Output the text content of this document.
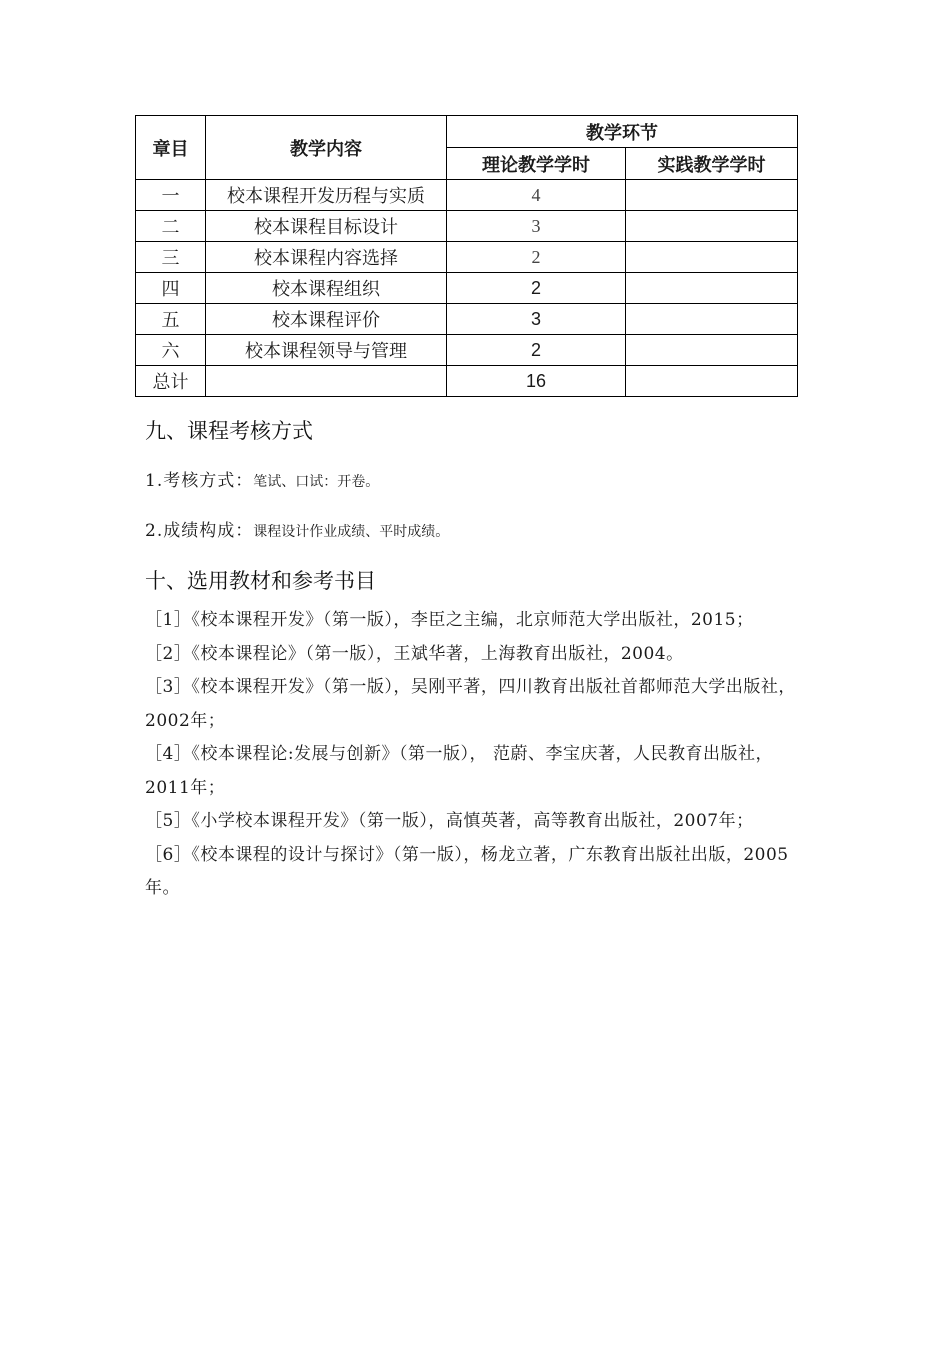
章目	教学内容	教学环节	
		理论教学学时	实践教学学时
一	校本课程开发历程与实质	4	
二	校本课程目标设计	3	
三	校本课程内容选择	2	
四	校本课程组织	2	
五	校本课程评价	3	
六	校本课程领导与管理	2	
总计		16	
九、课程考核方式
1.考核方式：笔试、口试：开卷。
2.成绩构成：课程设计作业成绩、平时成绩。
十、选用教材和参考书目
［1］《校本课程开发》（第一版），李臣之主编，北京师范大学出版社，2015；
［2］《校本课程论》（第一版），王斌华著，上海教育出版社，2004。
［3］《校本课程开发》（第一版），吴刚平著，四川教育出版社首都师范大学出版社，2002年；
［4］《校本课程论:发展与创新》（第一版）， 范蔚、李宝庆著，人民教育出版社，2011年；
［5］《小学校本课程开发》（第一版），高慎英著，高等教育出版社，2007年；
［6］《校本课程的设计与探讨》（第一版），杨龙立著，广东教育出版社出版，2005年。
